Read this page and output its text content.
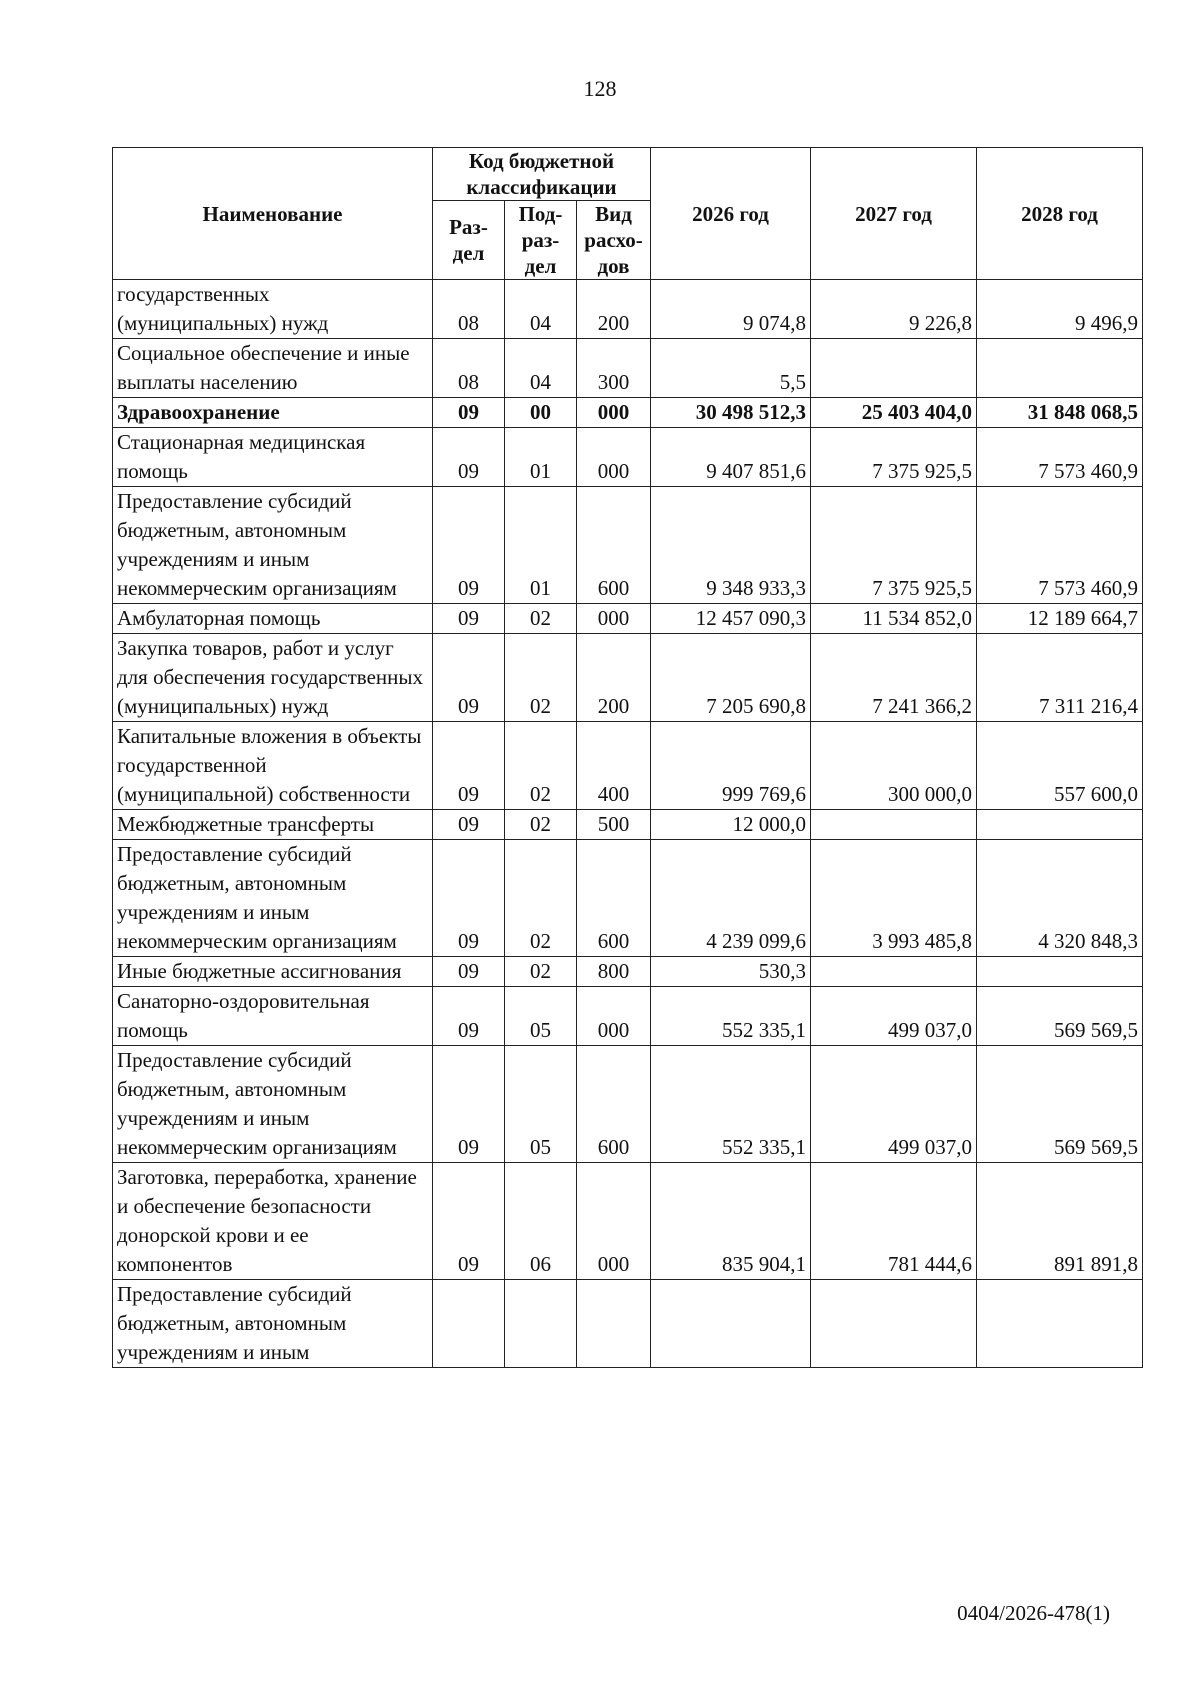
128
Наименование	Код бюджетной классификации			2026 год	2027 год	2028 год
	Раз-дел	Под-раз-дел	Вид расхо-дов			
государственных (муниципальных) нужд	08	04	200	9 074,8	9 226,8	9 496,9
Социальное обеспечение и иные выплаты населению	08	04	300	5,5		
Здравоохранение	09	00	000	30 498 512,3	25 403 404,0	31 848 068,5
Стационарная медицинская помощь	09	01	000	9 407 851,6	7 375 925,5	7 573 460,9
Предоставление субсидий бюджетным, автономным учреждениям и иным некоммерческим организациям	09	01	600	9 348 933,3	7 375 925,5	7 573 460,9
Амбулаторная помощь	09	02	000	12 457 090,3	11 534 852,0	12 189 664,7
Закупка товаров, работ и услуг для обеспечения государственных (муниципальных) нужд	09	02	200	7 205 690,8	7 241 366,2	7 311 216,4
Капитальные вложения в объекты государственной (муниципальной) собственности	09	02	400	999 769,6	300 000,0	557 600,0
Межбюджетные трансферты	09	02	500	12 000,0		
Предоставление субсидий бюджетным, автономным учреждениям и иным некоммерческим организациям	09	02	600	4 239 099,6	3 993 485,8	4 320 848,3
Иные бюджетные ассигнования	09	02	800	530,3		
Санаторно-оздоровительная помощь	09	05	000	552 335,1	499 037,0	569 569,5
Предоставление субсидий бюджетным, автономным учреждениям и иным некоммерческим организациям	09	05	600	552 335,1	499 037,0	569 569,5
Заготовка, переработка, хранение и обеспечение безопасности донорской крови и ее компонентов	09	06	000	835 904,1	781 444,6	891 891,8
Предоставление субсидий бюджетным, автономным учреждениям и иным						
0404/2026-478(1)
